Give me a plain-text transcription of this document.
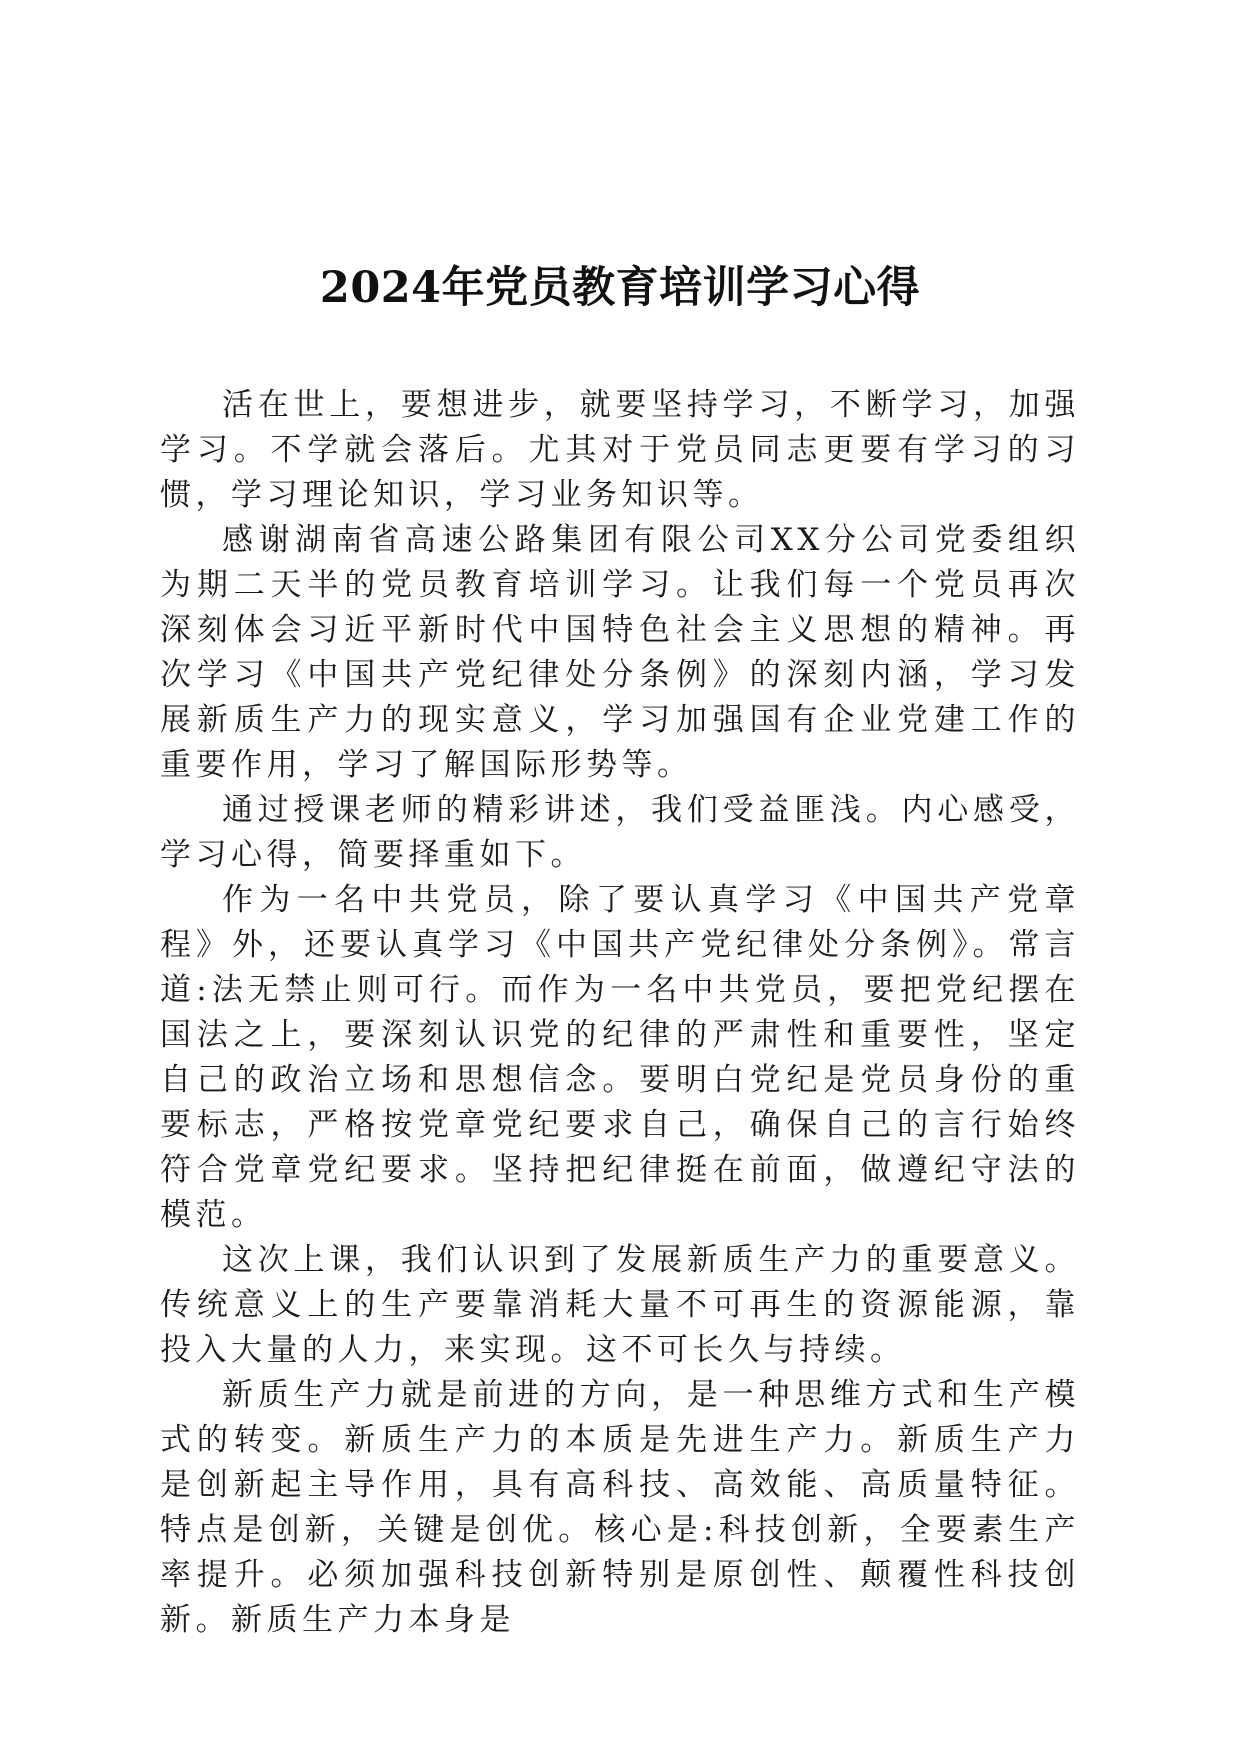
2024年党员教育培训学习心得

活在世上，要想进步，就要坚持学习，不断学习，加强学习。不学就会落后。尤其对于党员同志更要有学习的习惯，学习理论知识，学习业务知识等。

感谢湖南省高速公路集团有限公司XX分公司党委组织为期二天半的党员教育培训学习。让我们每一个党员再次深刻体会习近平新时代中国特色社会主义思想的精神。再次学习《中国共产党纪律处分条例》的深刻内涵，学习发展新质生产力的现实意义，学习加强国有企业党建工作的重要作用，学习了解国际形势等。

通过授课老师的精彩讲述，我们受益匪浅。内心感受，学习心得，简要择重如下。

作为一名中共党员，除了要认真学习《中国共产党章程》外，还要认真学习《中国共产党纪律处分条例》。常言道:法无禁止则可行。而作为一名中共党员，要把党纪摆在国法之上，要深刻认识党的纪律的严肃性和重要性，坚定自己的政治立场和思想信念。要明白党纪是党员身份的重要标志，严格按党章党纪要求自己，确保自己的言行始终符合党章党纪要求。坚持把纪律挺在前面，做遵纪守法的模范。

这次上课，我们认识到了发展新质生产力的重要意义。传统意义上的生产要靠消耗大量不可再生的资源能源，靠投入大量的人力，来实现。这不可长久与持续。

新质生产力就是前进的方向，是一种思维方式和生产模式的转变。新质生产力的本质是先进生产力。新质生产力是创新起主导作用，具有高科技、高效能、高质量特征。特点是创新，关键是创优。核心是:科技创新，全要素生产率提升。必须加强科技创新特别是原创性、颠覆性科技创新。新质生产力本身是
